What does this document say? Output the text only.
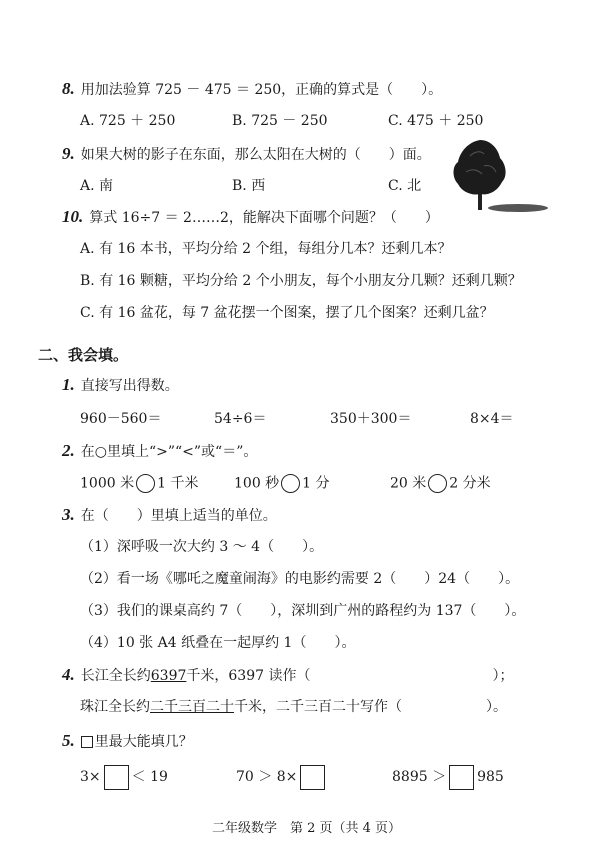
8. 用加法验算 725 － 475 ＝ 250，正确的算式是（　　）。
A. 725 ＋ 250	B. 725 － 250	C. 475 ＋ 250
9. 如果大树的影子在东面，那么太阳在大树的（　　）面。
A. 南	B. 西	C. 北
10. 算式 16÷7 ＝ 2……2，能解决下面哪个问题？（　　）
A. 有 16 本书，平均分给 2 个组，每组分几本？还剩几本？
B. 有 16 颗糖，平均分给 2 个小朋友，每个小朋友分几颗？还剩几颗？
C. 有 16 盆花，每 7 盆花摆一个图案，摆了几个图案？还剩几盆？
二、我会填。
1. 直接写出得数。
960－560＝	54÷6＝	350＋300＝	8×4＝
2. 在○里填上“>”“<”或“＝”。
1000 米 1 千米	100 秒 1 分	20 米 2 分米
3. 在（　　）里填上适当的单位。
（1）深呼吸一次大约 3 ～ 4（　　）。
（2）看一场《哪吒之魔童闹海》的电影约需要 2（　　）24（　　）。
（3）我们的课桌高约 7（　　），深圳到广州的路程约为 137（　　）。
（4）10 张 A4 纸叠在一起厚约 1（　　）。
4. 长江全长约6397千米，6397 读作（　　　　　　　　　　　　　）；
珠江全长约二千三百二十千米，二千三百二十写作（　　　　　　）。
5. 里最大能填几？
3× ＜ 19	70 ＞ 8×	8895 ＞ 985
二年级数学　第 2 页（共 4 页）
